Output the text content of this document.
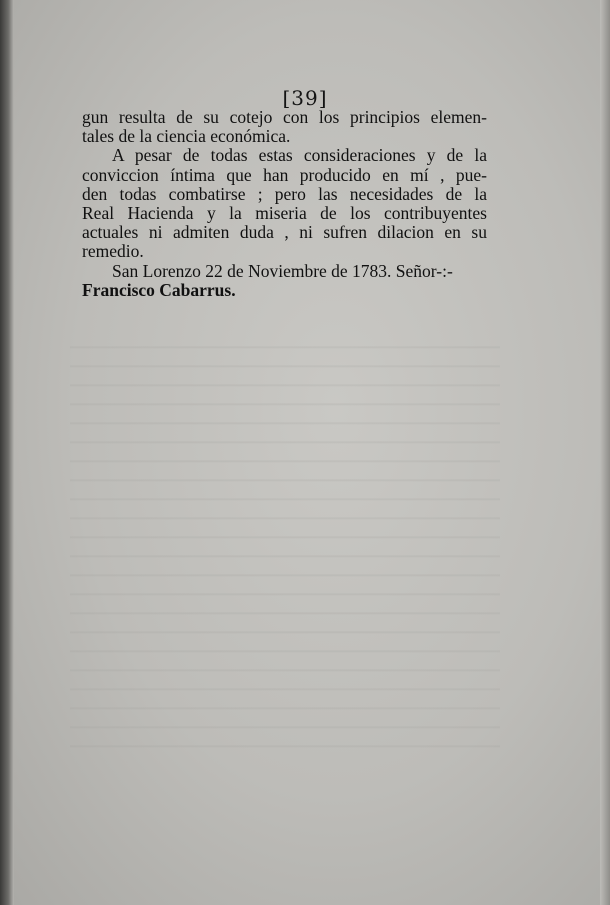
[39]
gun resulta de su cotejo con los principios elemen-
tales de la ciencia económica.
A pesar de todas estas consideraciones y de la
conviccion íntima que han producido en mí , pue-
den todas combatirse ; pero las necesidades de la
Real Hacienda y la miseria de los contribuyentes
actuales ni admiten duda , ni sufren dilacion en su
remedio.
San Lorenzo 22 de Noviembre de 1783. Señor-:-
Francisco Cabarrus.
